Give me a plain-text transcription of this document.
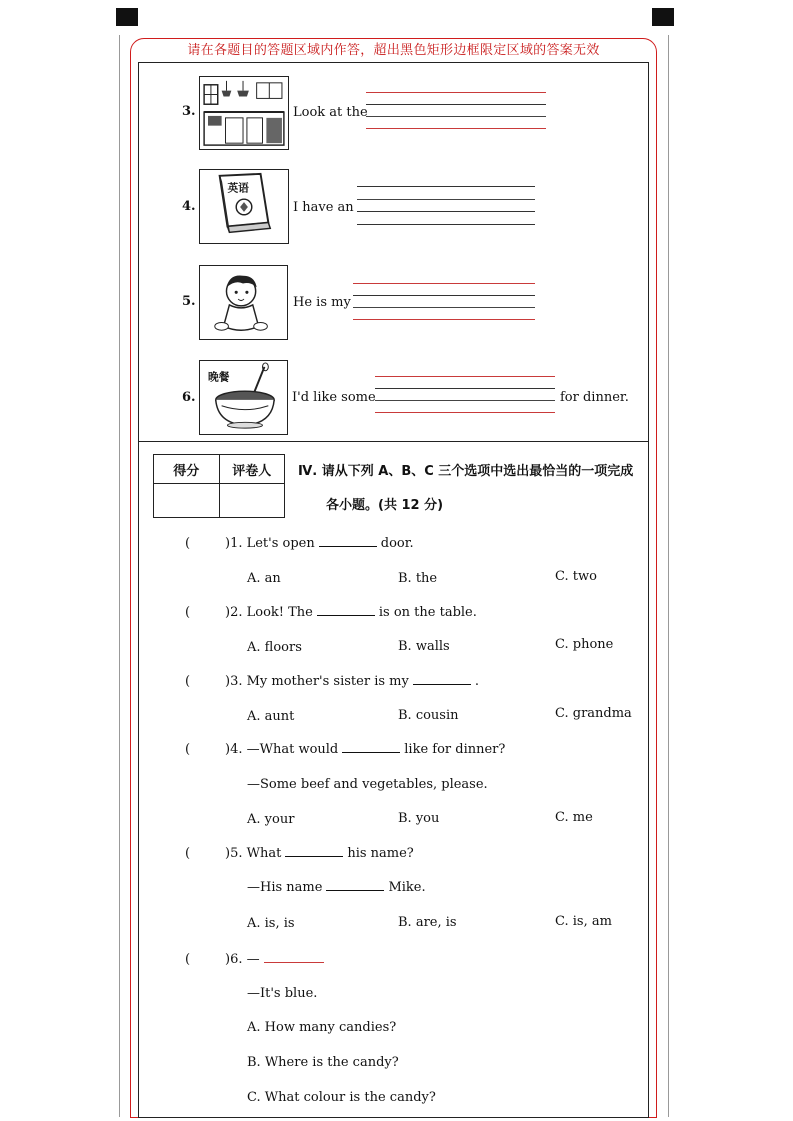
请在各题目的答题区域内作答，超出黑色矩形边框限定区域的答案无效
3.	Look at the
4.
英语
I have an
5.	He is my
6.
晚餐
I'd like some	for dinner.
得分	评卷人
	Ⅳ. 请从下列 A、B、C 三个选项中选出最恰当的一项完成
各小题。(共 12 分)
(	)1. Let's open	door.
A. an	B. the	C. two
(	)2. Look! The	is on the table.
A. floors	B. walls	C. phone
(	)3. My mother's sister is my	.
A. aunt	B. cousin	C. grandma
(	)4. —What would	like for dinner?
—Some beef and vegetables, please.
A. your	B. you	C. me
(	)5. What	his name?
—His name	Mike.
A. is, is	B. are, is	C. is, am
(	)6. —
—It's blue.
A. How many candies?
B. Where is the candy?
C. What colour is the candy?
